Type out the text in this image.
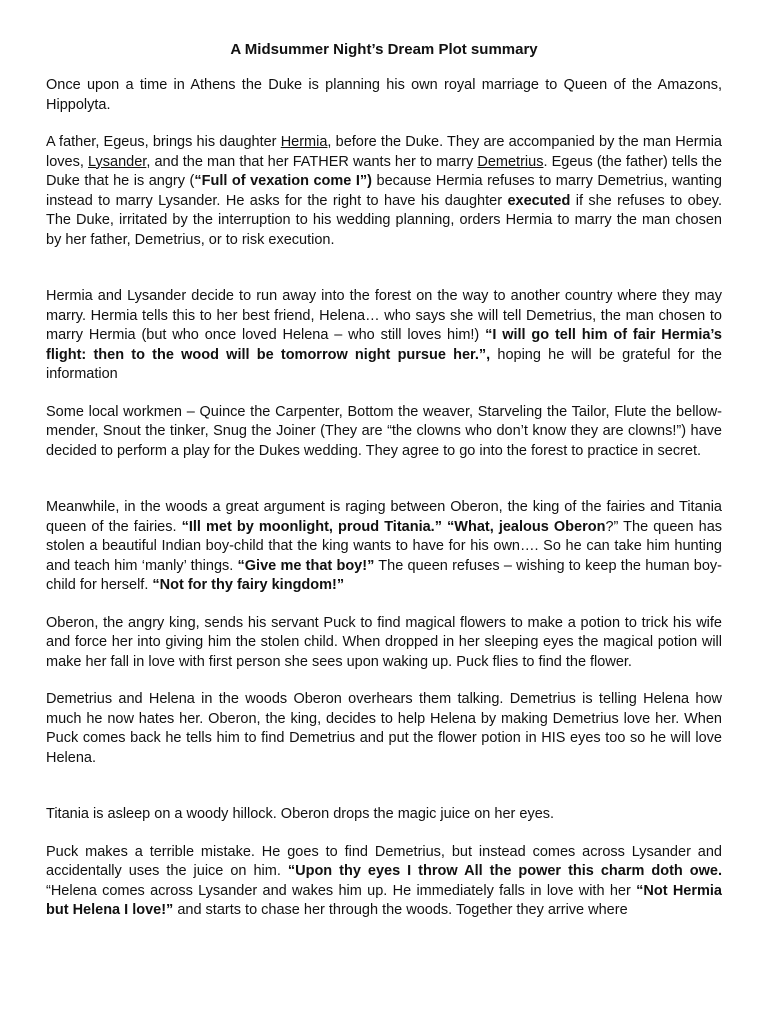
A Midsummer Night’s Dream Plot summary

Once upon a time in Athens the Duke is planning his own royal marriage to Queen of the Amazons, Hippolyta.

A father, Egeus, brings his daughter Hermia, before the Duke. They are accompanied by the man Hermia loves, Lysander, and the man that her FATHER wants her to marry Demetrius. Egeus (the father) tells the Duke that he is angry (“Full of vexation come I”) because Hermia refuses to marry Demetrius, wanting instead to marry Lysander. He asks for the right to have his daughter executed if she refuses to obey. The Duke, irritated by the interruption to his wedding planning, orders Hermia to marry the man chosen by her father, Demetrius, or to risk execution.

Hermia and Lysander decide to run away into the forest on the way to another country where they may marry. Hermia tells this to her best friend, Helena… who says she will tell Demetrius, the man chosen to marry Hermia (but who once loved Helena – who still loves him!) “I will go tell him of fair Hermia’s flight: then to the wood will be tomorrow night pursue her.”, hoping he will be grateful for the information

Some local workmen – Quince the Carpenter, Bottom the weaver, Starveling the Tailor, Flute the bellow-mender, Snout the tinker, Snug the Joiner (They are “the clowns who don’t know they are clowns!”) have decided to perform a play for the Dukes wedding. They agree to go into the forest to practice in secret.

Meanwhile, in the woods a great argument is raging between Oberon, the king of the fairies and Titania queen of the fairies. “Ill met by moonlight, proud Titania.” “What, jealous Oberon?” The queen has stolen a beautiful Indian boy-child that the king wants to have for his own…. So he can take him hunting and teach him ‘manly’ things. “Give me that boy!” The queen refuses – wishing to keep the human boy-child for herself. “Not for thy fairy kingdom!”

Oberon, the angry king, sends his servant Puck to find magical flowers to make a potion to trick his wife and force her into giving him the stolen child. When dropped in her sleeping eyes the magical potion will make her fall in love with first person she sees upon waking up. Puck flies to find the flower.

Demetrius and Helena in the woods Oberon overhears them talking. Demetrius is telling Helena how much he now hates her. Oberon, the king, decides to help Helena by making Demetrius love her. When Puck comes back he tells him to find Demetrius and put the flower potion in HIS eyes too so he will love Helena.

Titania is asleep on a woody hillock. Oberon drops the magic juice on her eyes.

Puck makes a terrible mistake. He goes to find Demetrius, but instead comes across Lysander and accidentally uses the juice on him. “Upon thy eyes I throw All the power this charm doth owe. “Helena comes across Lysander and wakes him up. He immediately falls in love with her “Not Hermia but Helena I love!” and starts to chase her through the woods. Together they arrive where
